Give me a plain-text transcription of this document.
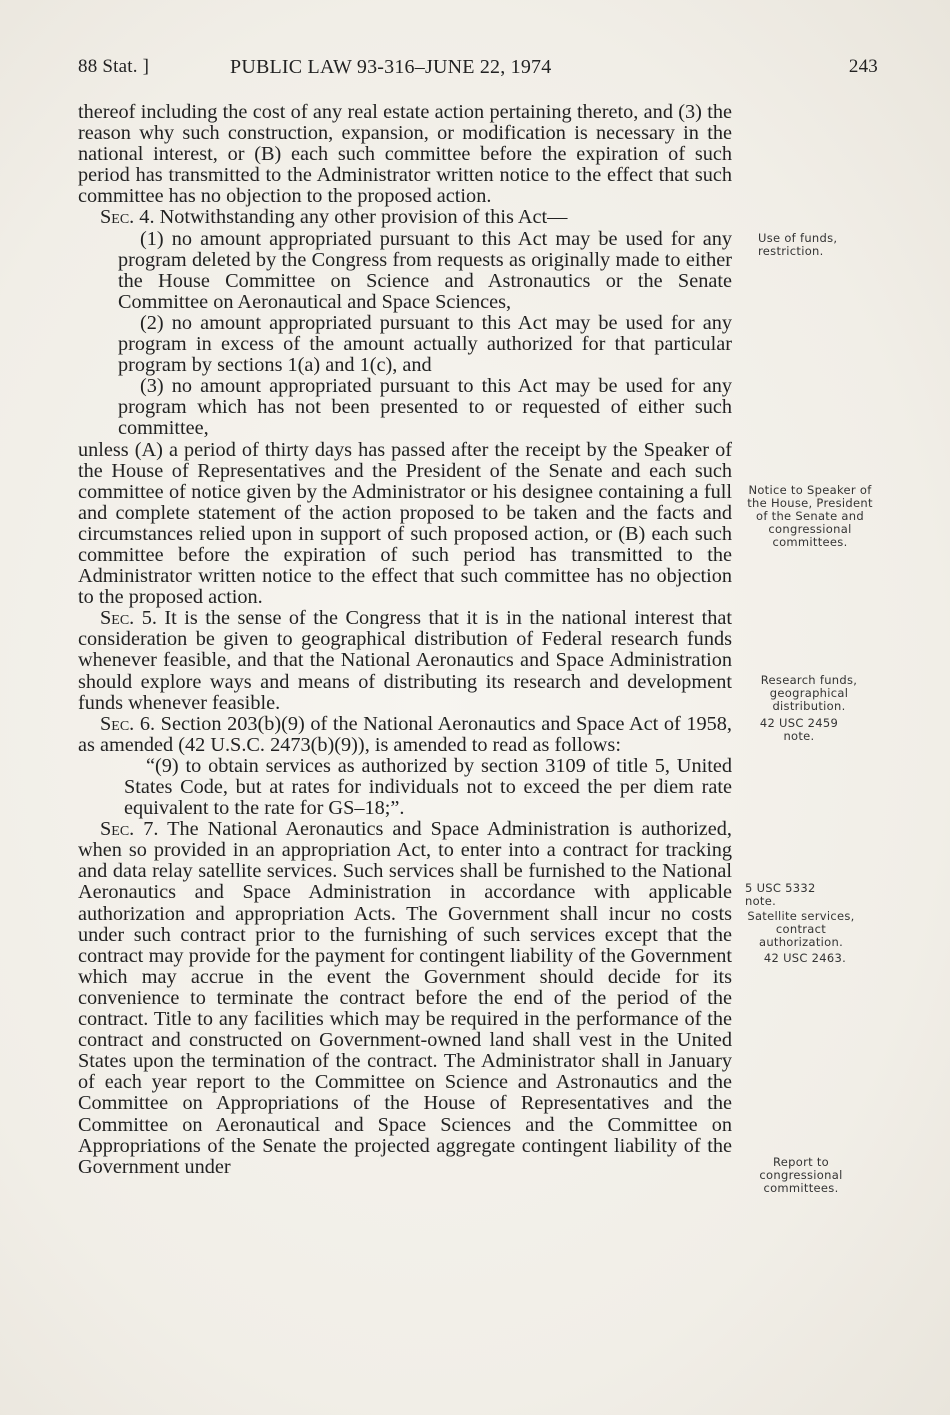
88 Stat. ]	PUBLIC LAW 93-316–JUNE 22, 1974	243

thereof including the cost of any real estate action pertaining thereto, and (3) the reason why such construction, expansion, or modification is necessary in the national interest, or (B) each such committee before the expiration of such period has transmitted to the Administrator written notice to the effect that such committee has no objection to the proposed action.

Sec. 4. Notwithstanding any other provision of this Act—

(1) no amount appropriated pursuant to this Act may be used for any program deleted by the Congress from requests as originally made to either the House Committee on Science and Astronautics or the Senate Committee on Aeronautical and Space Sciences,

(2) no amount appropriated pursuant to this Act may be used for any program in excess of the amount actually authorized for that particular program by sections 1(a) and 1(c), and

(3) no amount appropriated pursuant to this Act may be used for any program which has not been presented to or requested of either such committee,

unless (A) a period of thirty days has passed after the receipt by the Speaker of the House of Representatives and the President of the Senate and each such committee of notice given by the Administrator or his designee containing a full and complete statement of the action proposed to be taken and the facts and circumstances relied upon in support of such proposed action, or (B) each such committee before the expiration of such period has transmitted to the Administrator written notice to the effect that such committee has no objection to the proposed action.

Sec. 5. It is the sense of the Congress that it is in the national interest that consideration be given to geographical distribution of Federal research funds whenever feasible, and that the National Aeronautics and Space Administration should explore ways and means of distributing its research and development funds whenever feasible.

Sec. 6. Section 203(b)(9) of the National Aeronautics and Space Act of 1958, as amended (42 U.S.C. 2473(b)(9)), is amended to read as follows:

“(9) to obtain services as authorized by section 3109 of title 5, United States Code, but at rates for individuals not to exceed the per diem rate equivalent to the rate for GS–18;”.

Sec. 7. The National Aeronautics and Space Administration is authorized, when so provided in an appropriation Act, to enter into a contract for tracking and data relay satellite services. Such services shall be furnished to the National Aeronautics and Space Administration in accordance with applicable authorization and appropriation Acts. The Government shall incur no costs under such contract prior to the furnishing of such services except that the contract may provide for the payment for contingent liability of the Government which may accrue in the event the Government should decide for its convenience to terminate the contract before the end of the period of the contract. Title to any facilities which may be required in the performance of the contract and constructed on Government-owned land shall vest in the United States upon the termination of the contract. The Administrator shall in January of each year report to the Committee on Science and Astronautics and the Committee on Appropriations of the House of Representatives and the Committee on Aeronautical and Space Sciences and the Committee on Appropriations of the Senate the projected aggregate contingent liability of the Government under

Use of funds, restriction.
Notice to Speaker of the House, President of the Senate and congressional committees.
Research funds, geographical distribution.
42 USC 2459 note.
5 USC 5332 note.
Satellite services, contract authorization.
42 USC 2463.
Report to congressional committees.
